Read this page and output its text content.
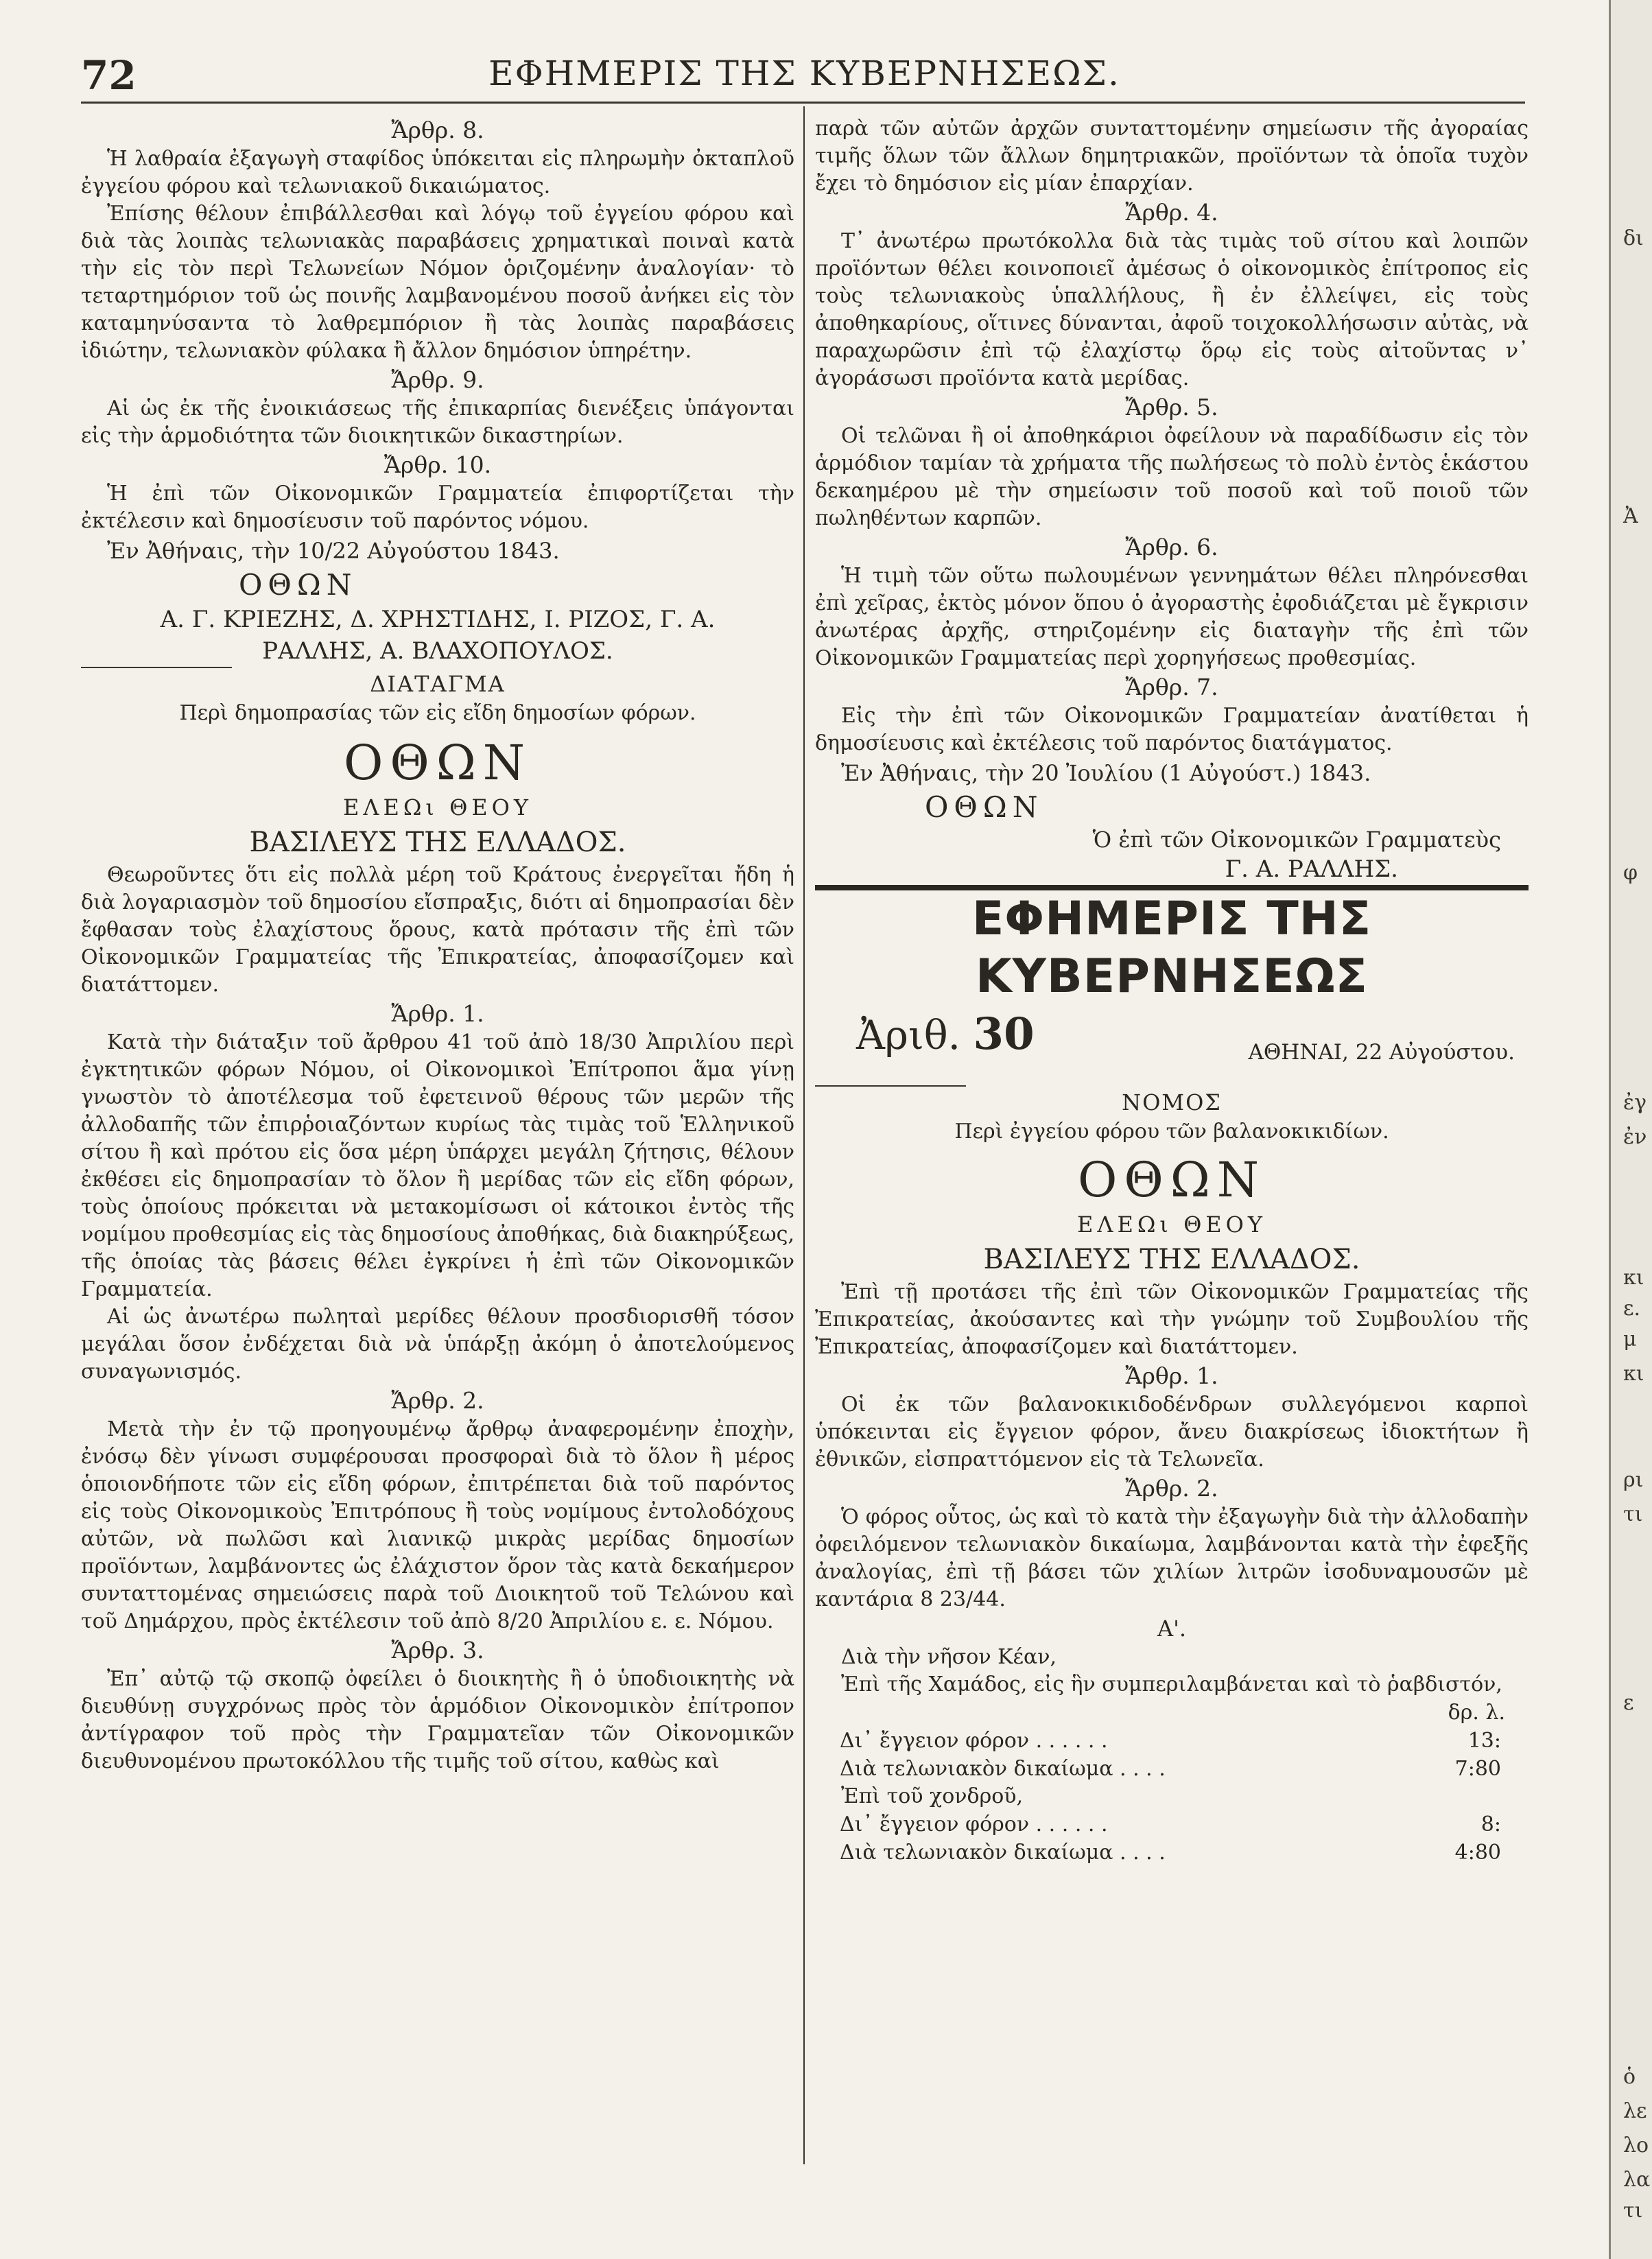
72	ΕΦΗΜΕΡΙΣ ΤΗΣ ΚΥΒΕΡΝΗΣΕΩΣ.
Ἄρθρ. 8.

Ἡ λαθραία ἐξαγωγὴ σταφίδος ὑπόκειται εἰς πληρωμὴν ὀκταπλοῦ ἐγγείου φόρου καὶ τελωνιακοῦ δικαιώματος.

Ἐπίσης θέλουν ἐπιβάλλεσθαι καὶ λόγῳ τοῦ ἐγγείου φόρου καὶ διὰ τὰς λοιπὰς τελωνιακὰς παραβάσεις χρηματικαὶ ποιναὶ κατὰ τὴν εἰς τὸν περὶ Τελωνείων Νόμον ὁριζομένην ἀναλογίαν· τὸ τεταρτημόριον τοῦ ὡς ποινῆς λαμβανομένου ποσοῦ ἀνήκει εἰς τὸν καταμηνύσαντα τὸ λαθρεμπόριον ἢ τὰς λοιπὰς παραβάσεις ἰδιώτην, τελωνιακὸν φύλακα ἢ ἄλλον δημόσιον ὑπηρέτην.

Ἄρθρ. 9.

Αἱ ὡς ἐκ τῆς ἐνοικιάσεως τῆς ἐπικαρπίας διενέξεις ὑπάγονται εἰς τὴν ἁρμοδιότητα τῶν διοικητικῶν δικαστηρίων.

Ἄρθρ. 10.

Ἡ ἐπὶ τῶν Οἰκονομικῶν Γραμματεία ἐπιφορτίζεται τὴν ἐκτέλεσιν καὶ δημοσίευσιν τοῦ παρόντος νόμου.

Ἐν Ἀθήναις, τὴν 10/22 Αὐγούστου 1843.

ΟΘΩΝ
Α. Γ. ΚΡΙΕΖΗΣ, Δ. ΧΡΗΣΤΙΔΗΣ, Ι. ΡΙΖΟΣ, Γ. Α. ΡΑΛΛΗΣ, Α. ΒΛΑΧΟΠΟΥΛΟΣ.
ΔΙΑΤΑΓΜΑ
Περὶ δημοπρασίας τῶν εἰς εἴδη δημοσίων φόρων.
ΟΘΩΝ
ΕΛΕΩι ΘΕΟΥ
ΒΑΣΙΛΕΥΣ ΤΗΣ ΕΛΛΑΔΟΣ.

Θεωροῦντες ὅτι εἰς πολλὰ μέρη τοῦ Κράτους ἐνεργεῖται ἤδη ἡ διὰ λογαριασμὸν τοῦ δημοσίου εἴσπραξις, διότι αἱ δημοπρασίαι δὲν ἔφθασαν τοὺς ἐλαχίστους ὅρους, κατὰ πρότασιν τῆς ἐπὶ τῶν Οἰκονομικῶν Γραμματείας τῆς Ἐπικρατείας, ἀποφασίζομεν καὶ διατάττομεν.

Ἄρθρ. 1.

Κατὰ τὴν διάταξιν τοῦ ἄρθρου 41 τοῦ ἀπὸ 18/30 Ἀπριλίου περὶ ἐγκτητικῶν φόρων Νόμου, οἱ Οἰκονομικοὶ Ἐπίτροποι ἅμα γίνῃ γνωστὸν τὸ ἀποτέλεσμα τοῦ ἐφετεινοῦ θέρους τῶν μερῶν τῆς ἀλλοδαπῆς τῶν ἐπιρῥοιαζόντων κυρίως τὰς τιμὰς τοῦ Ἑλληνικοῦ σίτου ἢ καὶ πρότου εἰς ὅσα μέρη ὑπάρχει μεγάλη ζήτησις, θέλουν ἐκθέσει εἰς δημοπρασίαν τὸ ὅλον ἢ μερίδας τῶν εἰς εἴδη φόρων, τοὺς ὁποίους πρόκειται νὰ μετακομίσωσι οἱ κάτοικοι ἐντὸς τῆς νομίμου προθεσμίας εἰς τὰς δημοσίους ἀποθήκας, διὰ διακηρύξεως, τῆς ὁποίας τὰς βάσεις θέλει ἐγκρίνει ἡ ἐπὶ τῶν Οἰκονομικῶν Γραμματεία.

Αἱ ὡς ἀνωτέρω πωληταὶ μερίδες θέλουν προσδιορισθῆ τόσον μεγάλαι ὅσον ἐνδέχεται διὰ νὰ ὑπάρξῃ ἀκόμη ὁ ἀποτελούμενος συναγωνισμός.

Ἄρθρ. 2.

Μετὰ τὴν ἐν τῷ προηγουμένῳ ἄρθρῳ ἀναφερομένην ἐποχὴν, ἐνόσῳ δὲν γίνωσι συμφέρουσαι προσφοραὶ διὰ τὸ ὅλον ἢ μέρος ὁποιονδήποτε τῶν εἰς εἴδη φόρων, ἐπιτρέπεται διὰ τοῦ παρόντος εἰς τοὺς Οἰκονομικοὺς Ἐπιτρόπους ἢ τοὺς νομίμους ἐντολοδόχους αὐτῶν, νὰ πωλῶσι καὶ λιανικῷ μικρὰς μερίδας δημοσίων προϊόντων, λαμβάνοντες ὡς ἐλάχιστον ὅρον τὰς κατὰ δεκαήμερον συνταττομένας σημειώσεις παρὰ τοῦ Διοικητοῦ τοῦ Τελώνου καὶ τοῦ Δημάρχου, πρὸς ἐκτέλεσιν τοῦ ἀπὸ 8/20 Ἀπριλίου ε. ε. Νόμου.

Ἄρθρ. 3.

Ἐπ᾽ αὐτῷ τῷ σκοπῷ ὀφείλει ὁ διοικητὴς ἢ ὁ ὑποδιοικητὴς νὰ διευθύνῃ συγχρόνως πρὸς τὸν ἁρμόδιον Οἰκονομικὸν ἐπίτροπον ἀντίγραφον τοῦ πρὸς τὴν Γραμματεῖαν τῶν Οἰκονομικῶν διευθυνομένου πρωτοκόλλου τῆς τιμῆς τοῦ σίτου, καθὼς καὶ

παρὰ τῶν αὐτῶν ἀρχῶν συνταττομένην σημείωσιν τῆς ἀγοραίας τιμῆς ὅλων τῶν ἄλλων δημητριακῶν, προϊόντων τὰ ὁποῖα τυχὸν ἔχει τὸ δημόσιον εἰς μίαν ἐπαρχίαν.

Ἄρθρ. 4.

Τ᾽ ἀνωτέρω πρωτόκολλα διὰ τὰς τιμὰς τοῦ σίτου καὶ λοιπῶν προϊόντων θέλει κοινοποιεῖ ἀμέσως ὁ οἰκονομικὸς ἐπίτροπος εἰς τοὺς τελωνιακοὺς ὑπαλλήλους, ἢ ἐν ἐλλείψει, εἰς τοὺς ἀποθηκαρίους, οἵτινες δύνανται, ἀφοῦ τοιχοκολλήσωσιν αὐτὰς, νὰ παραχωρῶσιν ἐπὶ τῷ ἐλαχίστῳ ὅρῳ εἰς τοὺς αἰτοῦντας ν᾽ ἀγοράσωσι προϊόντα κατὰ μερίδας.

Ἄρθρ. 5.

Οἱ τελῶναι ἢ οἱ ἀποθηκάριοι ὀφείλουν νὰ παραδίδωσιν εἰς τὸν ἁρμόδιον ταμίαν τὰ χρήματα τῆς πωλήσεως τὸ πολὺ ἐντὸς ἑκάστου δεκαημέρου μὲ τὴν σημείωσιν τοῦ ποσοῦ καὶ τοῦ ποιοῦ τῶν πωληθέντων καρπῶν.

Ἄρθρ. 6.

Ἡ τιμὴ τῶν οὕτω πωλουμένων γεννημάτων θέλει πληρόνεσθαι ἐπὶ χεῖρας, ἐκτὸς μόνον ὅπου ὁ ἀγοραστὴς ἐφοδιάζεται μὲ ἔγκρισιν ἀνωτέρας ἀρχῆς, στηριζομένην εἰς διαταγὴν τῆς ἐπὶ τῶν Οἰκονομικῶν Γραμματείας περὶ χορηγήσεως προθεσμίας.

Ἄρθρ. 7.

Εἰς τὴν ἐπὶ τῶν Οἰκονομικῶν Γραμματείαν ἀνατίθεται ἡ δημοσίευσις καὶ ἐκτέλεσις τοῦ παρόντος διατάγματος.

Ἐν Ἀθήναις, τὴν 20 Ἰουλίου (1 Αὐγούστ.) 1843.

ΟΘΩΝ
Ὁ ἐπὶ τῶν Οἰκονομικῶν Γραμματεὺς
Γ. Α. ΡΑΛΛΗΣ.
ΕΦΗΜΕΡΙΣ ΤΗΣ ΚΥΒΕΡΝΗΣΕΩΣ
Ἀριθ. 30	ΑΘΗΝΑΙ, 22 Αὐγούστου.
ΝΟΜΟΣ
Περὶ ἐγγείου φόρου τῶν βαλανοκικιδίων.
ΟΘΩΝ
ΕΛΕΩι ΘΕΟΥ
ΒΑΣΙΛΕΥΣ ΤΗΣ ΕΛΛΑΔΟΣ.

Ἐπὶ τῇ προτάσει τῆς ἐπὶ τῶν Οἰκονομικῶν Γραμματείας τῆς Ἐπικρατείας, ἀκούσαντες καὶ τὴν γνώμην τοῦ Συμβουλίου τῆς Ἐπικρατείας, ἀποφασίζομεν καὶ διατάττομεν.

Ἄρθρ. 1.

Οἱ ἐκ τῶν βαλανοκικιδοδένδρων συλλεγόμενοι καρποὶ ὑπόκεινται εἰς ἔγγειον φόρον, ἄνευ διακρίσεως ἰδιοκτήτων ἢ ἐθνικῶν, εἰσπραττόμενον εἰς τὰ Τελωνεῖα.

Ἄρθρ. 2.

Ὁ φόρος οὗτος, ὡς καὶ τὸ κατὰ τὴν ἐξαγωγὴν διὰ τὴν ἀλλοδαπὴν ὀφειλόμενον τελωνιακὸν δικαίωμα, λαμβάνονται κατὰ τὴν ἐφεξῆς ἀναλογίας, ἐπὶ τῇ βάσει τῶν χιλίων λιτρῶν ἰσοδυναμουσῶν μὲ καντάρια 8 23/44.

Α'.
Διὰ τὴν νῆσον Κέαν,
Ἐπὶ τῆς Χαμάδος, εἰς ἣν συμπεριλαμβάνεται καὶ τὸ ῥαβδιστόν,
δρ. λ.
Δι᾽ ἔγγειον φόρον . . . . . .	13:
Διὰ τελωνιακὸν δικαίωμα . . . .	7:80
Ἐπὶ τοῦ χονδροῦ,
Δι᾽ ἔγγειον φόρον . . . . . .	8:
Διὰ τελωνιακὸν δικαίωμα . . . .	4:80
δι
Ἀ
φ
ἐγ
ἐν
κι
ε.
μ
κι
ρι
τι
ε
ὁ
λε
λο
λα
τι
